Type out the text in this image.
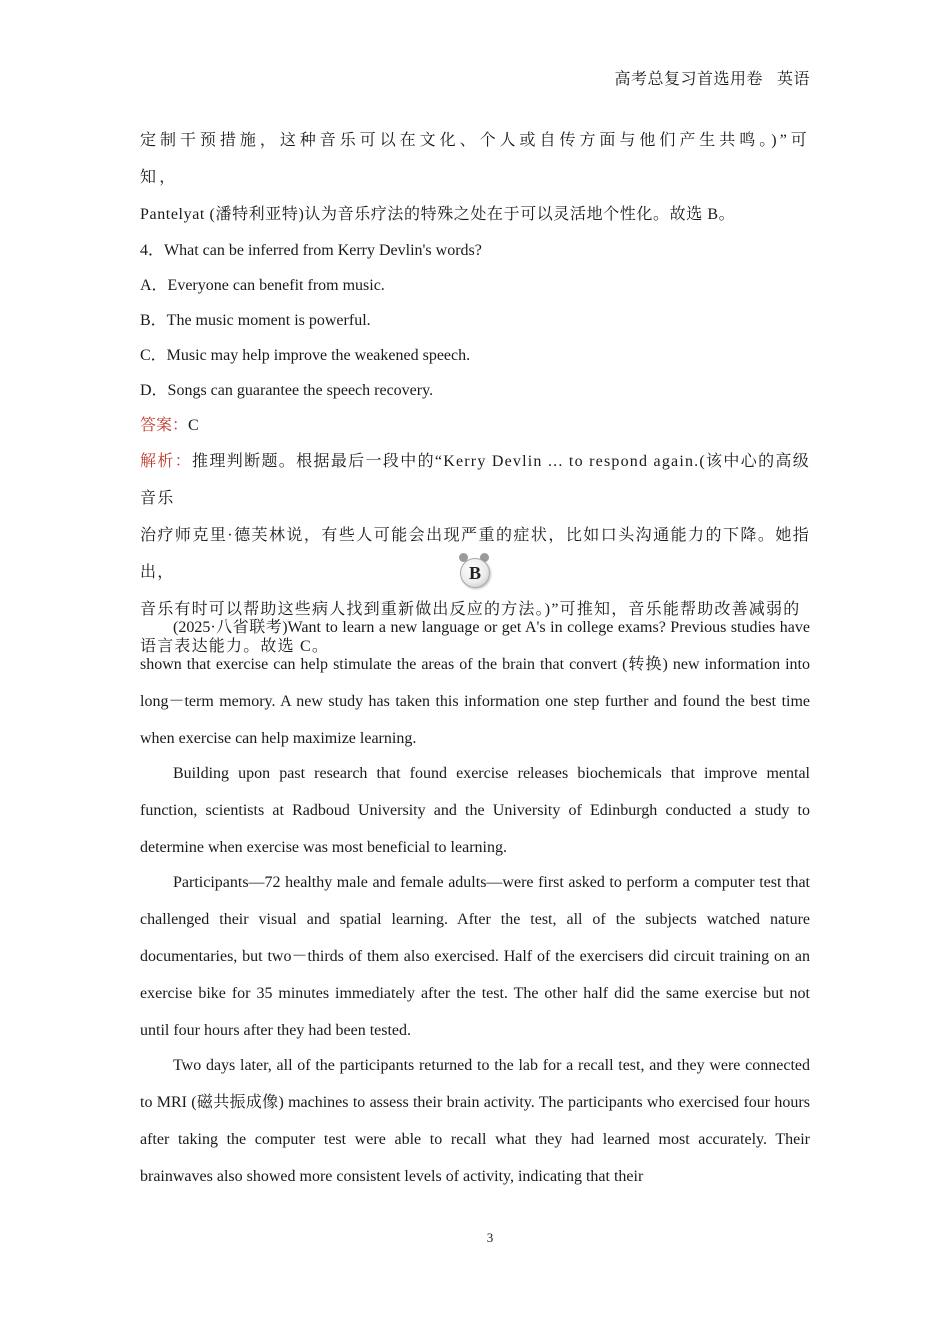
高考总复习首选用卷 英语

定制干预措施，这种音乐可以在文化、个人或自传方面与他们产生共鸣。)”可知，

Pantelyat (潘特利亚特)认为音乐疗法的特殊之处在于可以灵活地个性化。故选 B。

4．What can be inferred from Kerry Devlin's words?

A．Everyone can benefit from music.

B．The music moment is powerful.

C．Music may help improve the weakened speech.

D．Songs can guarantee the speech recovery.

答案：C

解析：推理判断题。根据最后一段中的“Kerry Devlin ... to respond again.(该中心的高级音乐

治疗师克里·德芙林说，有些人可能会出现严重的症状，比如口头沟通能力的下降。她指出，

音乐有时可以帮助这些病人找到重新做出反应的方法。)”可推知，音乐能帮助改善减弱的

语言表达能力。故选 C。

B

(2025·八省联考)Want to learn a new language or get A's in college exams? Previous studies have shown that exercise can help stimulate the areas of the brain that convert (转换) new information into long－term memory. A new study has taken this information one step further and found the best time when exercise can help maximize learning.

Building upon past research that found exercise releases biochemicals that improve mental function, scientists at Radboud University and the University of Edinburgh conducted a study to determine when exercise was most beneficial to learning.

Participants—72 healthy male and female adults—were first asked to perform a computer test that challenged their visual and spatial learning. After the test, all of the subjects watched nature documentaries, but two－thirds of them also exercised. Half of the exercisers did circuit training on an exercise bike for 35 minutes immediately after the test. The other half did the same exercise but not until four hours after they had been tested.

Two days later, all of the participants returned to the lab for a recall test, and they were connected to MRI (磁共振成像) machines to assess their brain activity. The participants who exercised four hours after taking the computer test were able to recall what they had learned most accurately. Their brainwaves also showed more consistent levels of activity, indicating that their

3
